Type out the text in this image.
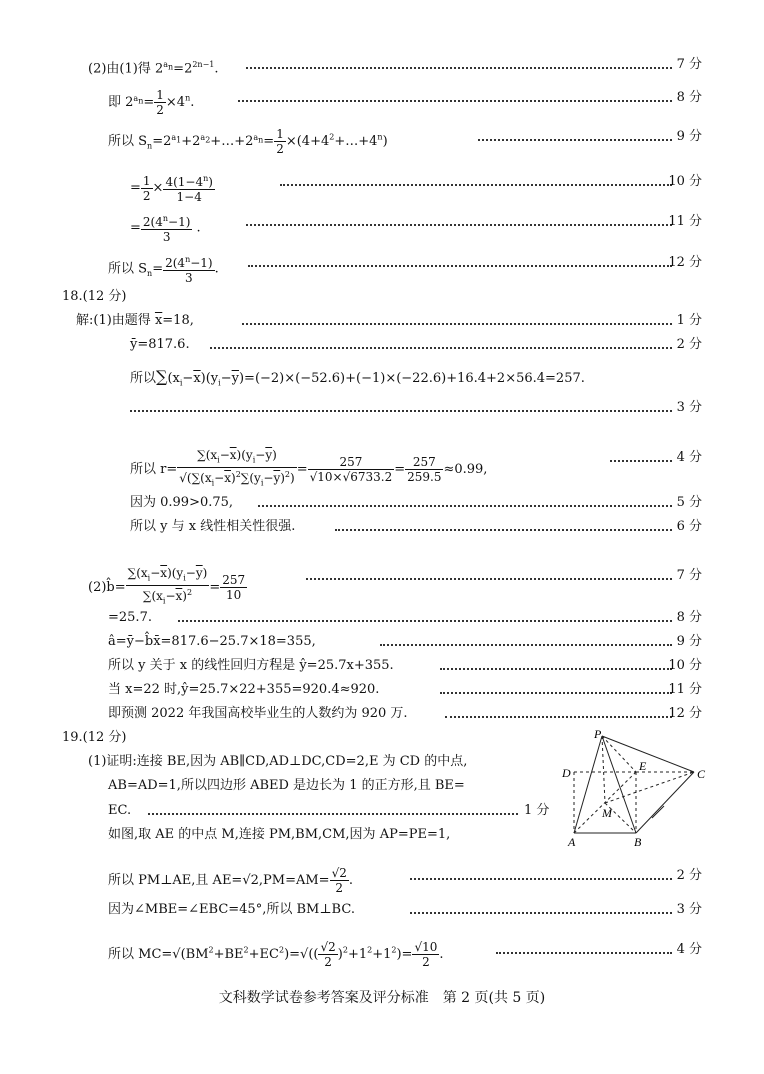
(2)由(1)得 $2^{an}=2^{2n-1}$.	7 分
即 $2^{an}= \frac{1}{2} \times 4^n$.	8 分
所以 $S_n=2^{a1}+2^{a2}+\dots+2^{an}= \frac{1}{2}$ $\times(4+4^2+\dots+4^n)$	9 分
= $\frac{1}{2} \times \frac{4(1-4^n)}{1-4}$	10 分
= $\frac{2(4^n-1)}{3}$ .	11 分
所以 $S_n= \frac{2(4^n-1)}{3}$ .	12 分
18.(12 分)
解:(1)由题得 $\overline{x}=18$,	1 分
ȳ=817.6.	2 分
所以$\sum(x_i-\overline{x})(y_i-\overline{y})=(-2)\times(-52.6)+(-1)\times(-22.6)+16.4+2\times 56.4=257$.
3 分
所以 $r= \frac{\sum(x_i-\overline{x})(y_i-\overline{y})}{√(\sum(x_i-\overline{x})^2\sum(y_i-\overline{y})^2)} = \frac{257}{√10\times√6733.2} = \frac{257}{259.5} \approx 0.99$,
4 分
因为 0.99>0.75,	5 分
所以 y 与 x 线性相关性很强.	6 分
(2)b̂= $\frac{\sum(x_i-\overline{x})(y_i-\overline{y})}{\sum(x_i-\overline{x})^2} = \frac{257}{10}$	7 分
=25.7.	8 分
â=ȳ−b̂x̄=817.6−25.7×18=355,	9 分
所以 y 关于 x 的线性回归方程是 ŷ=25.7x+355.	10 分
当 x=22 时,ŷ=25.7×22+355=920.4≈920.	11 分
即预测 2022 年我国高校毕业生的人数约为 920 万.	12 分
19.(12 分)
(1)证明:连接 BE,因为 AB∥CD,AD⊥DC,CD=2,E 为 CD 的中点,
AB=AD=1,所以四边形 ABED 是边长为 1 的正方形,且 BE=
EC.	1 分
如图,取 AE 的中点 M,连接 PM,BM,CM,因为 AP=PE=1,
所以 PM⊥AE,且 $AE=√2,PM=AM= \frac{√2}{2}$ .	2 分
因为∠MBE=∠EBC=45°,所以 BM⊥BC.	3 分
所以 $MC=√(BM^2+BE^2+EC^2)=√(( \frac{√2}{2} )^2+1^2+1^2)= \frac{√10}{2}$ .	4 分
P
D	E
C
M
A	B
文科数学试卷参考答案及评分标准　第 2 页(共 5 页)
